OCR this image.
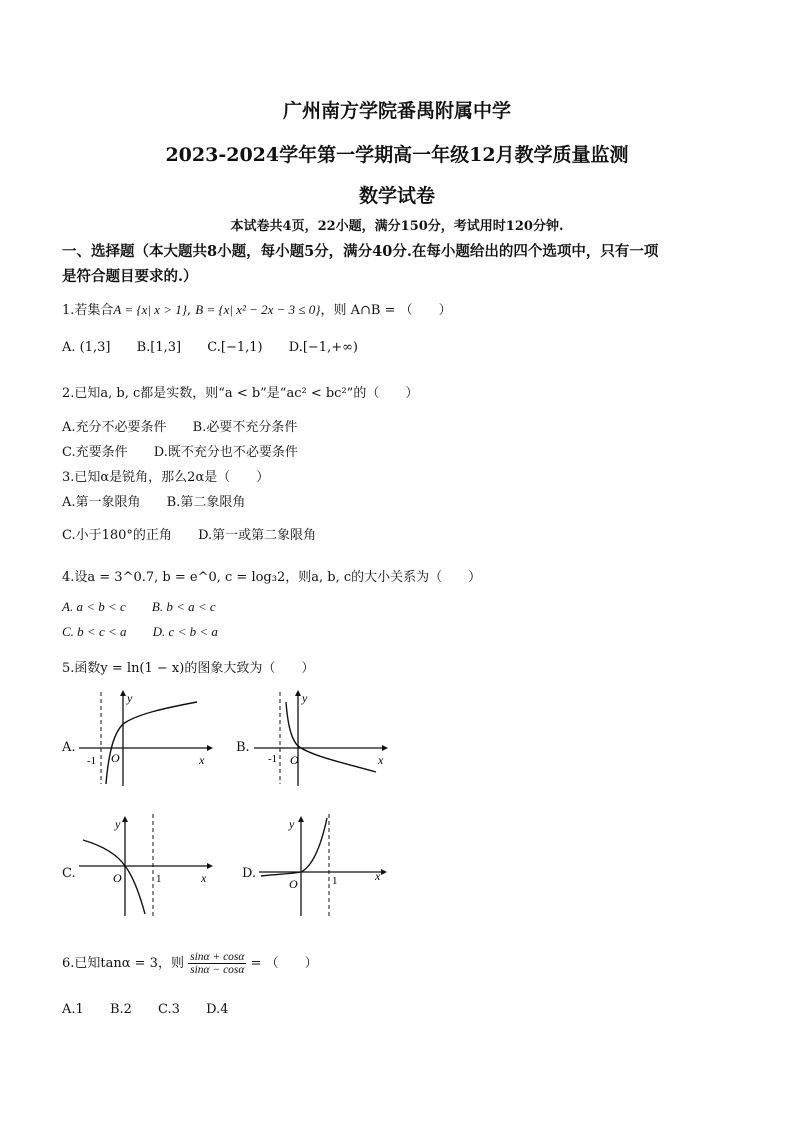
广州南方学院番禺附属中学
2023-2024学年第一学期高一年级12月教学质量监测
数学试卷
本试卷共4页，22小题，满分150分，考试用时120分钟.
一、选择题（本大题共8小题，每小题5分，满分40分.在每小题给出的四个选项中，只有一项
是符合题目要求的.）
1.若集合A = {x| x > 1}, B = {x| x² − 2x − 3 ≤ 0}，则 A∩B = （　　）
A. (1,3] B.[1,3] C.[−1,1) D.[−1,+∞)
2.已知a, b, c都是实数，则“a < b”是“ac² < bc²”的（　　）
A.充分不必要条件 B.必要不充分条件
C.充要条件 D.既不充分也不必要条件
3.已知α是锐角，那么2α是（　　）
A.第一象限角 B.第二象限角
C.小于180°的正角 D.第一或第二象限角
4.设a = 3^0.7, b = e^0, c = log₃2，则a, b, c的大小关系为（　　）
A. a < b < c B. b < a < c
C. b < c < a D. c < b < a
5.函数y = ln(1 − x)的图象大致为（　　）
A.
y
x
O
-1
B.
y
x
O
-1
C.
y
x
O	1	D.
y
x
O	1
6.已知tanα = 3，则 $\frac{\sin\alpha + \cos\alpha}{\sin\alpha - \cos\alpha}$ = （　　）
A.1 B.2 C.3 D.4
